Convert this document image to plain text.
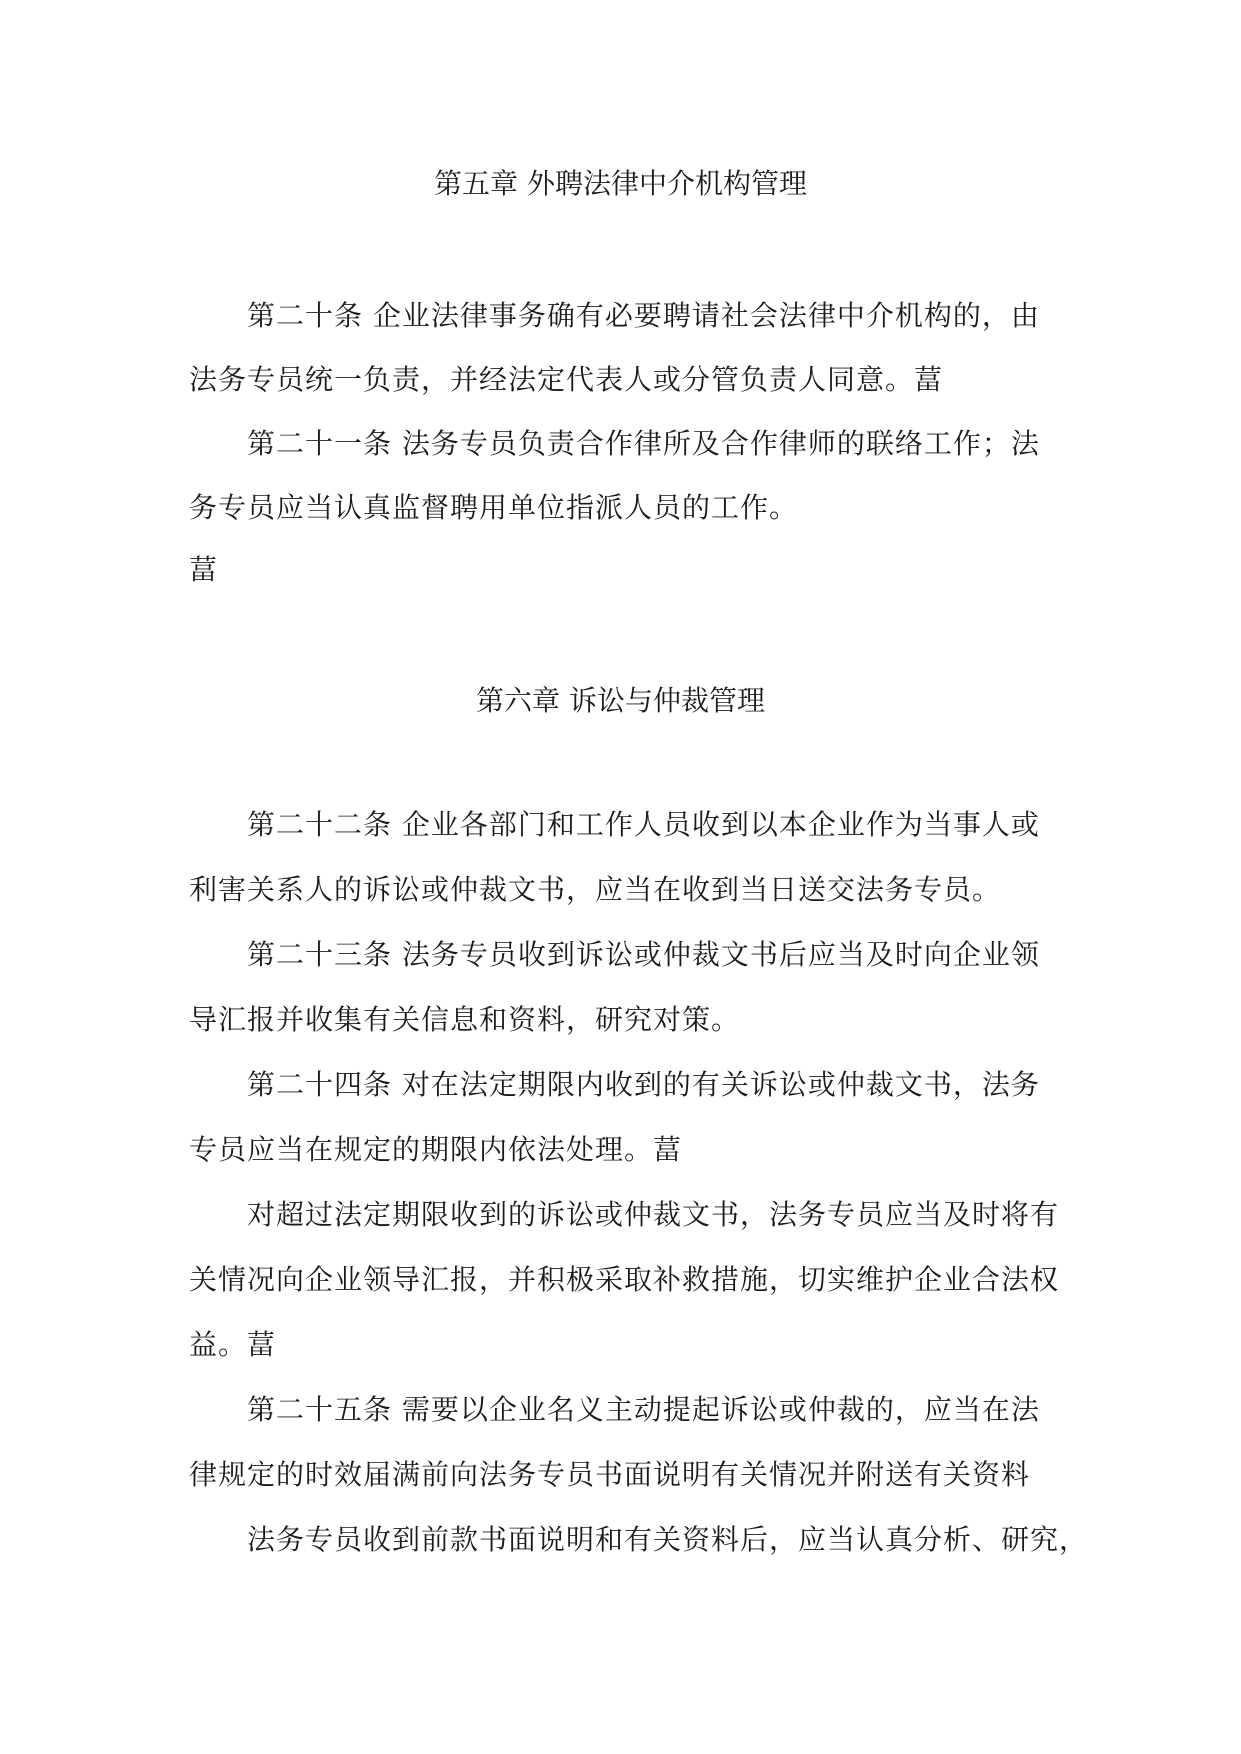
第五章 外聘法律中介机构管理
第二十条 企业法律事务确有必要聘请社会法律中介机构的，由
法务专员统一负责，并经法定代表人或分管负责人同意。葍
第二十一条 法务专员负责合作律所及合作律师的联络工作；法
务专员应当认真监督聘用单位指派人员的工作。
葍
第六章 诉讼与仲裁管理
第二十二条 企业各部门和工作人员收到以本企业作为当事人或
利害关系人的诉讼或仲裁文书，应当在收到当日送交法务专员。
第二十三条 法务专员收到诉讼或仲裁文书后应当及时向企业领
导汇报并收集有关信息和资料，研究对策。
第二十四条 对在法定期限内收到的有关诉讼或仲裁文书，法务
专员应当在规定的期限内依法处理。葍
对超过法定期限收到的诉讼或仲裁文书，法务专员应当及时将有
关情况向企业领导汇报，并积极采取补救措施，切实维护企业合法权
益。葍
第二十五条 需要以企业名义主动提起诉讼或仲裁的，应当在法
律规定的时效届满前向法务专员书面说明有关情况并附送有关资料
法务专员收到前款书面说明和有关资料后，应当认真分析、研究，
